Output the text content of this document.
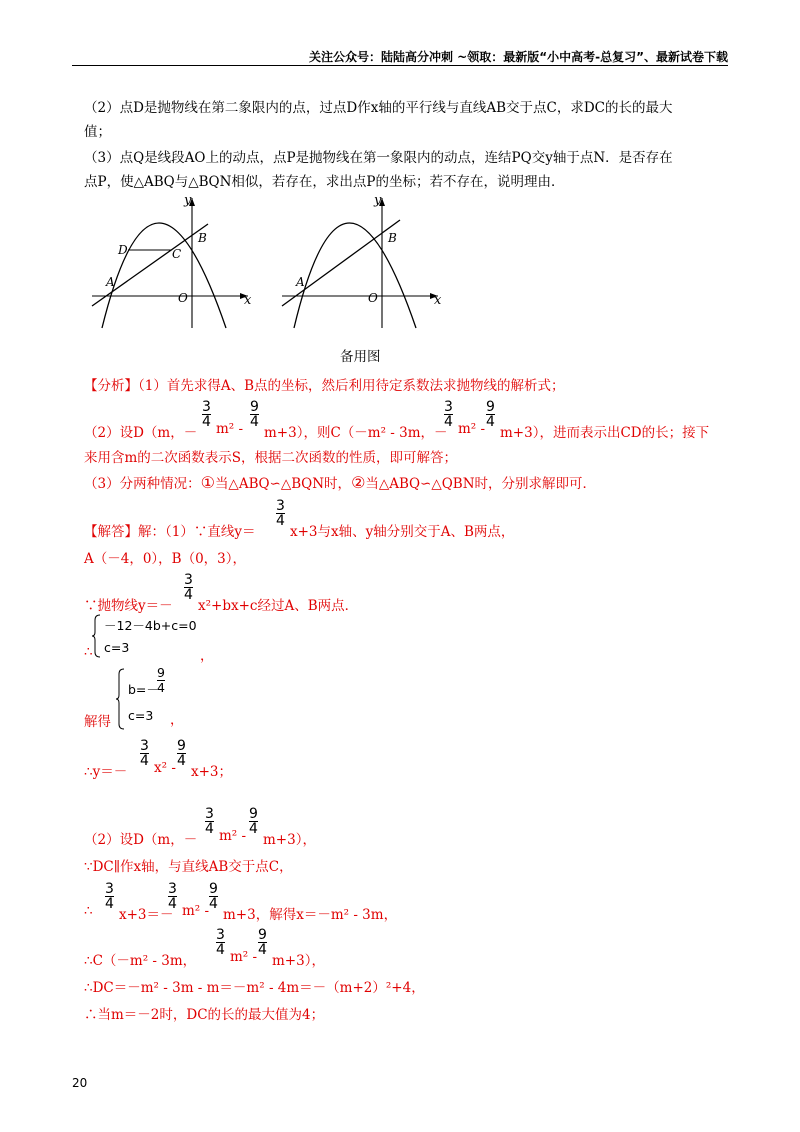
关注公众号：陆陆高分冲刺 ~领取：最新版“小中高考-总复习”、最新试卷下载
（2）点D是抛物线在第二象限内的点，过点D作x轴的平行线与直线AB交于点C，求DC的长的最大
值；
（3）点Q是线段AO上的动点，点P是抛物线在第一象限内的动点，连结PQ交y轴于点N．是否存在
点P，使△ABQ与△BQN相似，若存在，求出点P的坐标；若不存在，说明理由．
y
x
O
A
B
C
D
y
x
O
A
B
备用图
【分析】（1）首先求得A、B点的坐标，然后利用待定系数法求抛物线的解析式；
（2）设D（m，－
$\frac{3}{4} m^2 - \frac{9}{4}$
m+3），则C（－m² - 3m，－
$\frac{3}{4} m^2 - \frac{9}{4}$
m+3），进而表示出CD的长；接下
来用含m的二次函数表示S，根据二次函数的性质，即可解答；
（3）分两种情况：①当△ABQ∽△BQN时，②当△ABQ∽△QBN时，分别求解即可．
【解答】解：（1）∵直线y＝
$\frac{3}{4}$
x+3与x轴、y轴分别交于A、B两点，
A（－4，0），B（0，3），
∵抛物线y＝－
$\frac{3}{4}$
x²+bx+c经过A、B两点．
－12－4b+c=0
c=3
∴	，
b=－
$\frac{9}{4}$
c=3
解得	，
∴y＝－
$\frac{3}{4} x^2 - \frac{9}{4}$
x+3；
（2）设D（m，－
$\frac{3}{4} m^2 - \frac{9}{4}$
m+3），
∵DC∥作x轴，与直线AB交于点C，
∴ $\frac{3}{4}$
x+3＝－
$\frac{3}{4} m^2 - \frac{9}{4}$
m+3，解得x＝－m² - 3m，
∴C（－m² - 3m，
$\frac{3}{4} m^2 - \frac{9}{4}$
m+3），
∴DC＝－m² - 3m - m＝－m² - 4m＝－（m+2）²+4，
∴当m＝－2时，DC的长的最大值为4；
20
